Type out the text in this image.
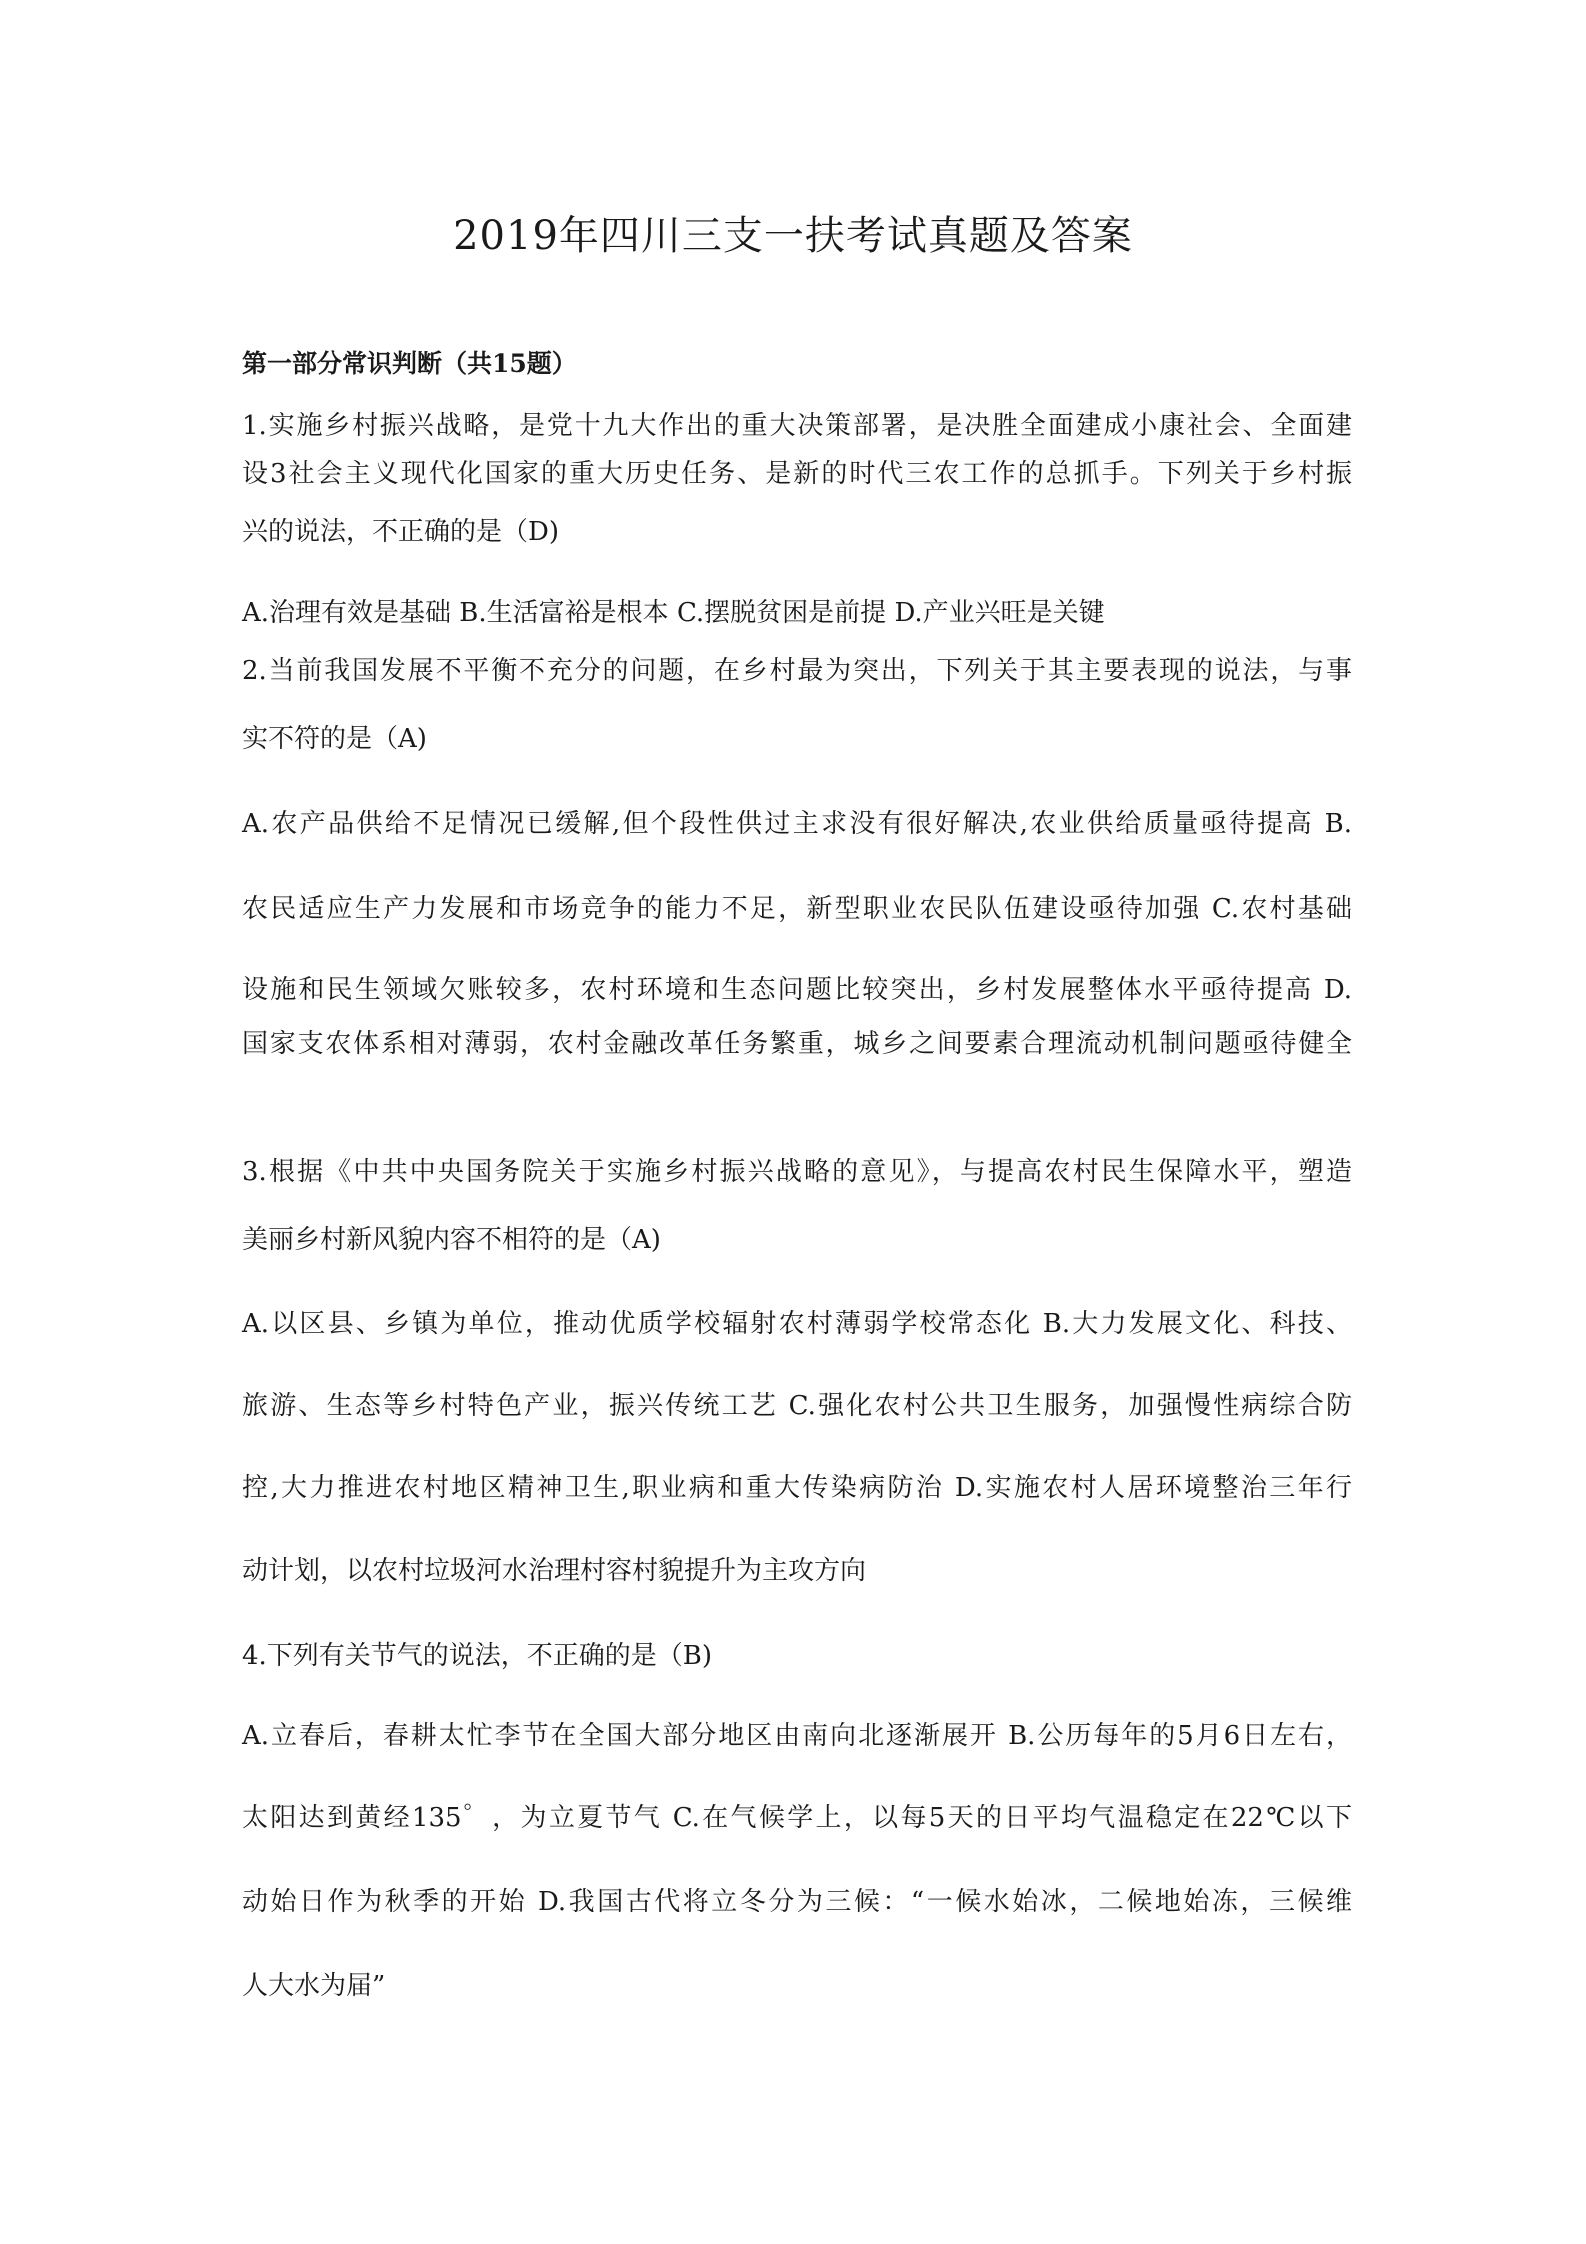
2019年四川三支一扶考试真题及答案
第一部分常识判断（共15题）
1.实施乡村振兴战略，是党十九大作出的重大决策部署，是决胜全面建成小康社会、全面建
设3社会主义现代化国家的重大历史任务、是新的时代三农工作的总抓手。下列关于乡村振
兴的说法，不正确的是（D)
A.治理有效是基础 B.生活富裕是根本 C.摆脱贫困是前提 D.产业兴旺是关键
2.当前我国发展不平衡不充分的问题，在乡村最为突出，下列关于其主要表现的说法，与事
实不符的是（A)
A.农产品供给不足情况已缓解,但个段性供过主求没有很好解决,农业供给质量亟待提高 B.
农民适应生产力发展和市场竞争的能力不足，新型职业农民队伍建设亟待加强 C.农村基础
设施和民生领域欠账较多，农村环境和生态问题比较突出，乡村发展整体水平亟待提高 D.
国家支农体系相对薄弱，农村金融改革任务繁重，城乡之间要素合理流动机制问题亟待健全
3.根据《中共中央国务院关于实施乡村振兴战略的意见》，与提高农村民生保障水平，塑造
美丽乡村新风貌内容不相符的是（A)
A.以区县、乡镇为单位，推动优质学校辐射农村薄弱学校常态化 B.大力发展文化、科技、
旅游、生态等乡村特色产业，振兴传统工艺 C.强化农村公共卫生服务，加强慢性病综合防
控,大力推进农村地区精神卫生,职业病和重大传染病防治 D.实施农村人居环境整治三年行
动计划，以农村垃圾河水治理村容村貌提升为主攻方向
4.下列有关节气的说法，不正确的是（B)
A.立春后，春耕太忙李节在全国大部分地区由南向北逐渐展开 B.公历每年的5月6日左右，
太阳达到黄经135゜，为立夏节气 C.在气候学上，以每5天的日平均气温稳定在22℃以下
动始日作为秋季的开始 D.我国古代将立冬分为三候：“一候水始冰，二候地始冻，三候维
人大水为届”
